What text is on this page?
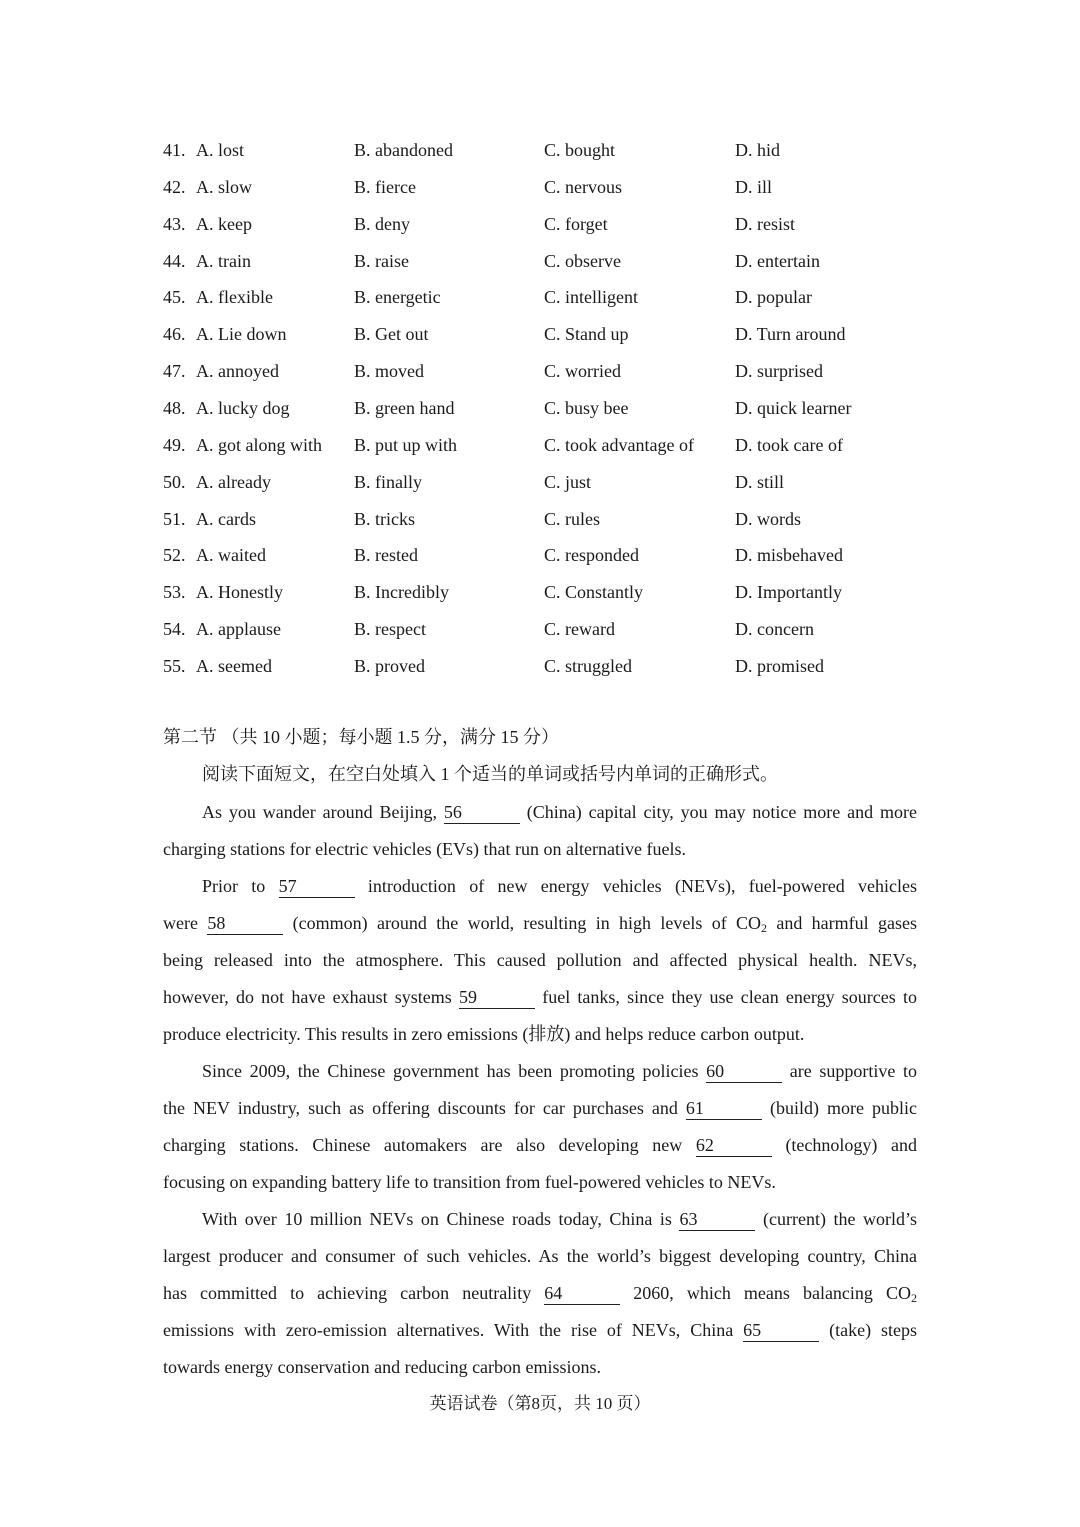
41. A. lost	B. abandoned	C. bought	D. hid
42. A. slow	B. fierce	C. nervous	D. ill
43. A. keep	B. deny	C. forget	D. resist
44. A. train	B. raise	C. observe	D. entertain
45. A. flexible	B. energetic	C. intelligent	D. popular
46. A. Lie down	B. Get out	C. Stand up	D. Turn around
47. A. annoyed	B. moved	C. worried	D. surprised
48. A. lucky dog	B. green hand	C. busy bee	D. quick learner
49. A. got along with B. put up with	C. took advantage of D. took care of
50. A. already	B. finally	C. just	D. still
51. A. cards	B. tricks	C. rules	D. words
52. A. waited	B. rested	C. responded	D. misbehaved
53. A. Honestly	B. Incredibly	C. Constantly	D. Importantly
54. A. applause	B. respect	C. reward	D. concern
55. A. seemed	B. proved	C. struggled	D. promised
第二节 （共 10 小题；每小题 1.5 分，满分 15 分）
阅读下面短文，在空白处填入 1 个适当的单词或括号内单词的正确形式。
As you wander around Beijing, 56	(China) capital city, you may notice more and more
charging stations for electric vehicles (EVs) that run on alternative fuels.
Prior to 57	introduction of new energy vehicles (NEVs), fuel-powered vehicles
were 58	(common) around the world, resulting in high levels of $CO_2$ and harmful gases
being released into the atmosphere. This caused pollution and affected physical health. NEVs,
however, do not have exhaust systems 59	fuel tanks, since they use clean energy sources to
produce electricity. This results in zero emissions (排放) and helps reduce carbon output.
Since 2009, the Chinese government has been promoting policies 60	are supportive to
the NEV industry, such as offering discounts for car purchases and 61	(build) more public
charging stations. Chinese automakers are also developing new 62	(technology) and
focusing on expanding battery life to transition from fuel-powered vehicles to NEVs.
With over 10 million NEVs on Chinese roads today, China is 63	(current) the world’s
largest producer and consumer of such vehicles. As the world’s biggest developing country, China
has committed to achieving carbon neutrality 64	2060, which means balancing $CO_2$
emissions with zero-emission alternatives. With the rise of NEVs, China 65	(take) steps
towards energy conservation and reducing carbon emissions.
英语试卷（第8页，共 10 页）
